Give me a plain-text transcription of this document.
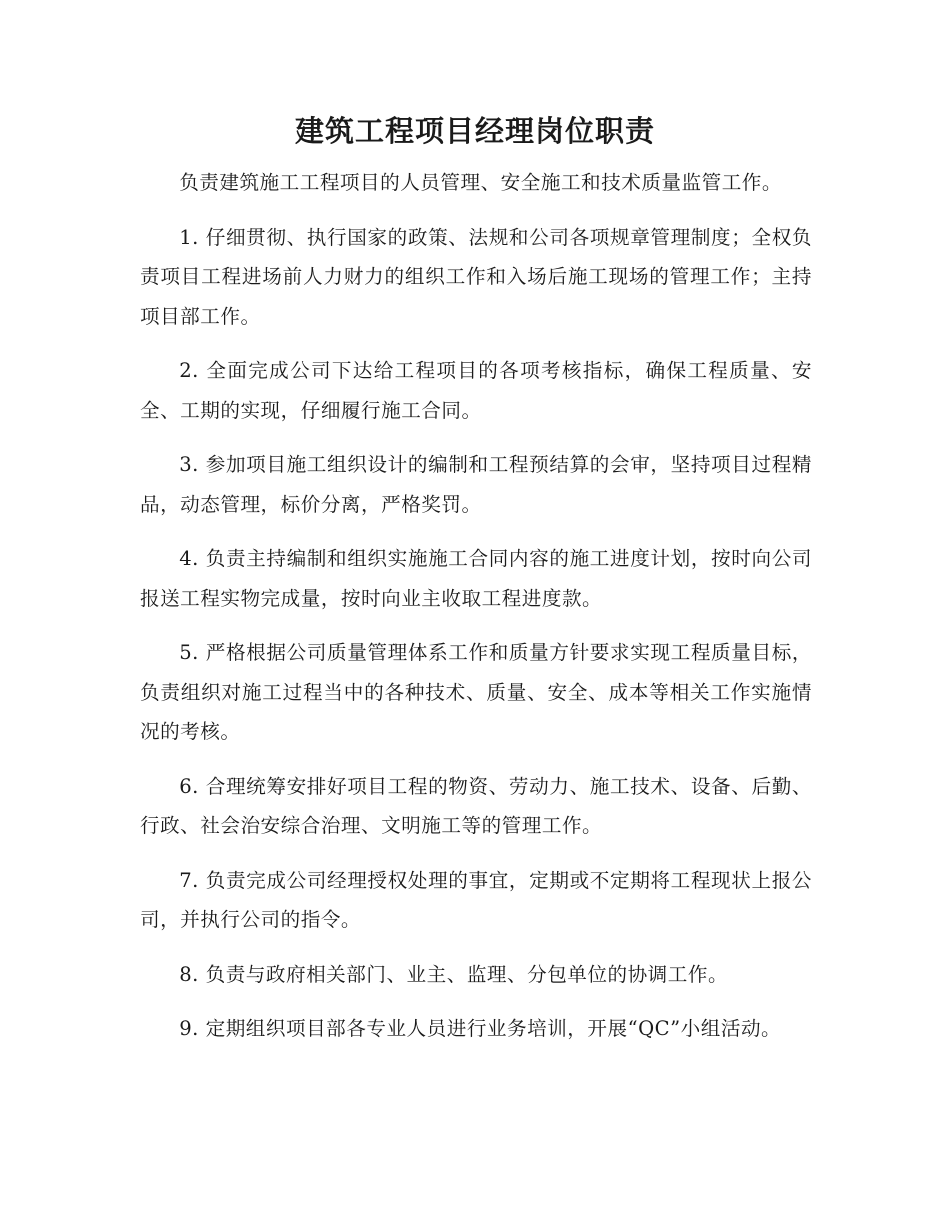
建筑工程项目经理岗位职责

负责建筑施工工程项目的人员管理、安全施工和技术质量监管工作。

1. 仔细贯彻、执行国家的政策、法规和公司各项规章管理制度；全权负责项目工程进场前人力财力的组织工作和入场后施工现场的管理工作；主持项目部工作。

2. 全面完成公司下达给工程项目的各项考核指标，确保工程质量、安全、工期的实现，仔细履行施工合同。

3. 参加项目施工组织设计的编制和工程预结算的会审，坚持项目过程精品，动态管理，标价分离，严格奖罚。

4. 负责主持编制和组织实施施工合同内容的施工进度计划，按时向公司报送工程实物完成量，按时向业主收取工程进度款。

5. 严格根据公司质量管理体系工作和质量方针要求实现工程质量目标，负责组织对施工过程当中的各种技术、质量、安全、成本等相关工作实施情况的考核。

6. 合理统筹安排好项目工程的物资、劳动力、施工技术、设备、后勤、行政、社会治安综合治理、文明施工等的管理工作。

7. 负责完成公司经理授权处理的事宜，定期或不定期将工程现状上报公司，并执行公司的指令。

8. 负责与政府相关部门、业主、监理、分包单位的协调工作。

9. 定期组织项目部各专业人员进行业务培训，开展“QC”小组活动。
